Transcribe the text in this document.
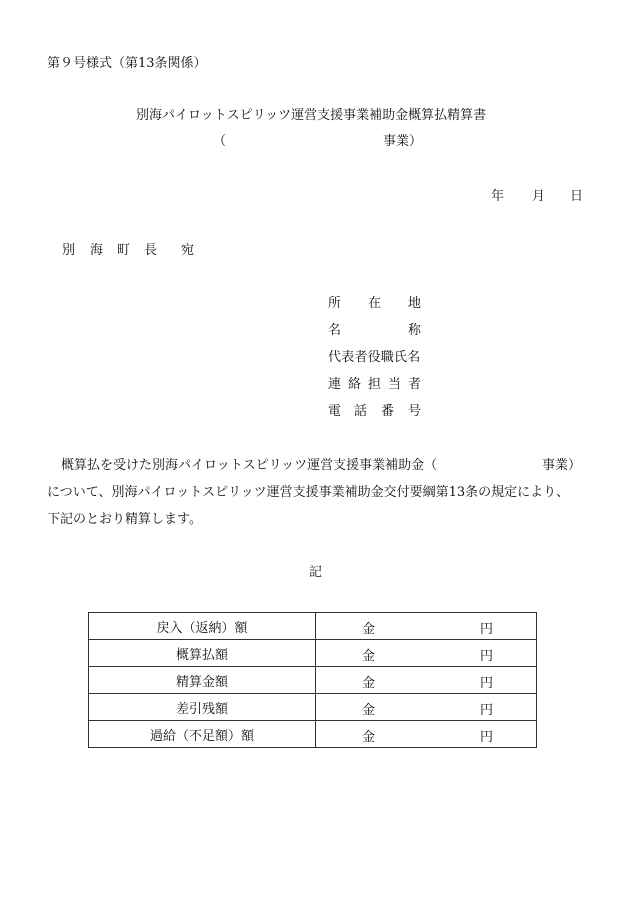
第９号様式（第13条関係）
別海パイロットスピリッツ運営支援事業補助金概算払精算書
（	事業）
年 月 日
別 海 町 長 宛
所 在 地
名	称
代表者役職氏名
連 絡 担 当 者
電 話 番 号
概算払を受けた別海パイロットスピリッツ運営支援事業補助金（	事業）
について、別海パイロットスピリッツ運営支援事業補助金交付要綱第13条の規定により、
下記のとおり精算します。
記
戻入（返納）額	金 円

概算払額	金 円

精算金額	金 円

差引残額	金 円

過給（不足額）額	金 円
